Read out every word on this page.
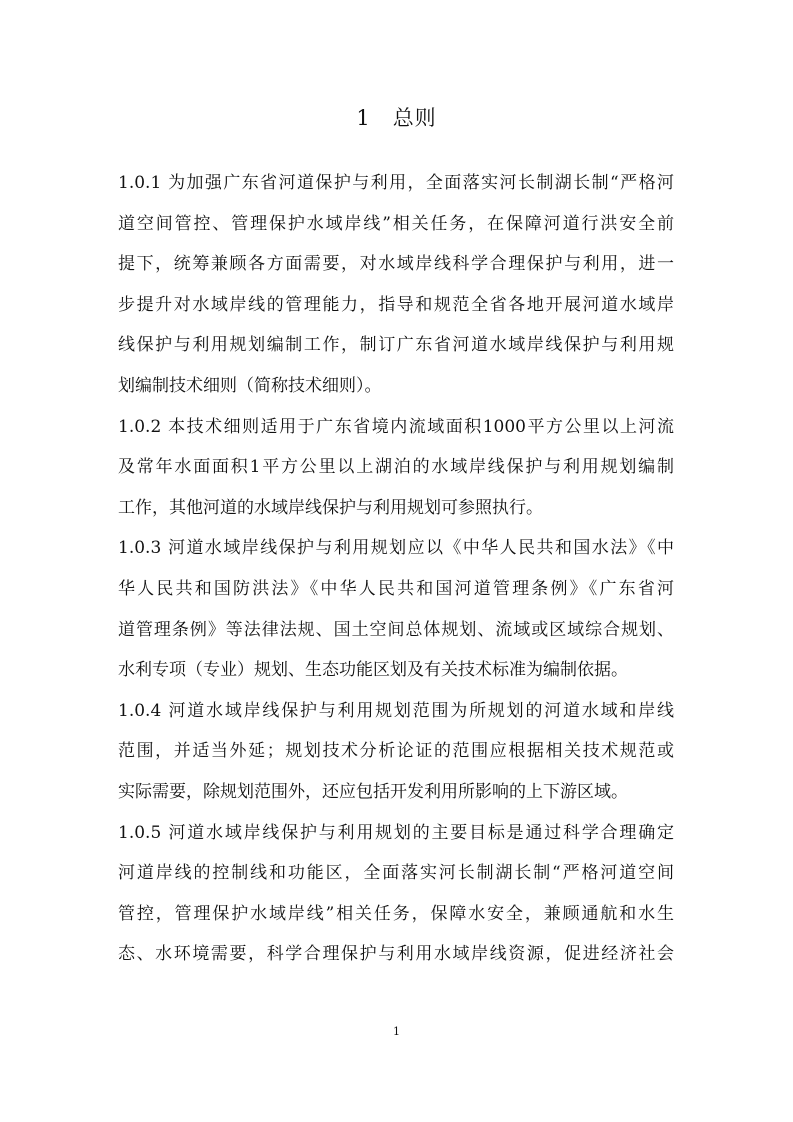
1 总则
1.0.1 为加强广东省河道保护与利用，全面落实河长制湖长制“严格河
道空间管控、管理保护水域岸线”相关任务，在保障河道行洪安全前
提下，统筹兼顾各方面需要，对水域岸线科学合理保护与利用，进一
步提升对水域岸线的管理能力，指导和规范全省各地开展河道水域岸
线保护与利用规划编制工作，制订广东省河道水域岸线保护与利用规
划编制技术细则（简称技术细则）。
1.0.2 本技术细则适用于广东省境内流域面积1000平方公里以上河流
及常年水面面积1平方公里以上湖泊的水域岸线保护与利用规划编制
工作，其他河道的水域岸线保护与利用规划可参照执行。
1.0.3 河道水域岸线保护与利用规划应以《中华人民共和国水法》《中
华人民共和国防洪法》《中华人民共和国河道管理条例》《广东省河
道管理条例》等法律法规、国土空间总体规划、流域或区域综合规划、
水利专项（专业）规划、生态功能区划及有关技术标准为编制依据。
1.0.4 河道水域岸线保护与利用规划范围为所规划的河道水域和岸线
范围，并适当外延；规划技术分析论证的范围应根据相关技术规范或
实际需要，除规划范围外，还应包括开发利用所影响的上下游区域。
1.0.5 河道水域岸线保护与利用规划的主要目标是通过科学合理确定
河道岸线的控制线和功能区，全面落实河长制湖长制“严格河道空间
管控，管理保护水域岸线”相关任务，保障水安全，兼顾通航和水生
态、水环境需要，科学合理保护与利用水域岸线资源，促进经济社会
1
